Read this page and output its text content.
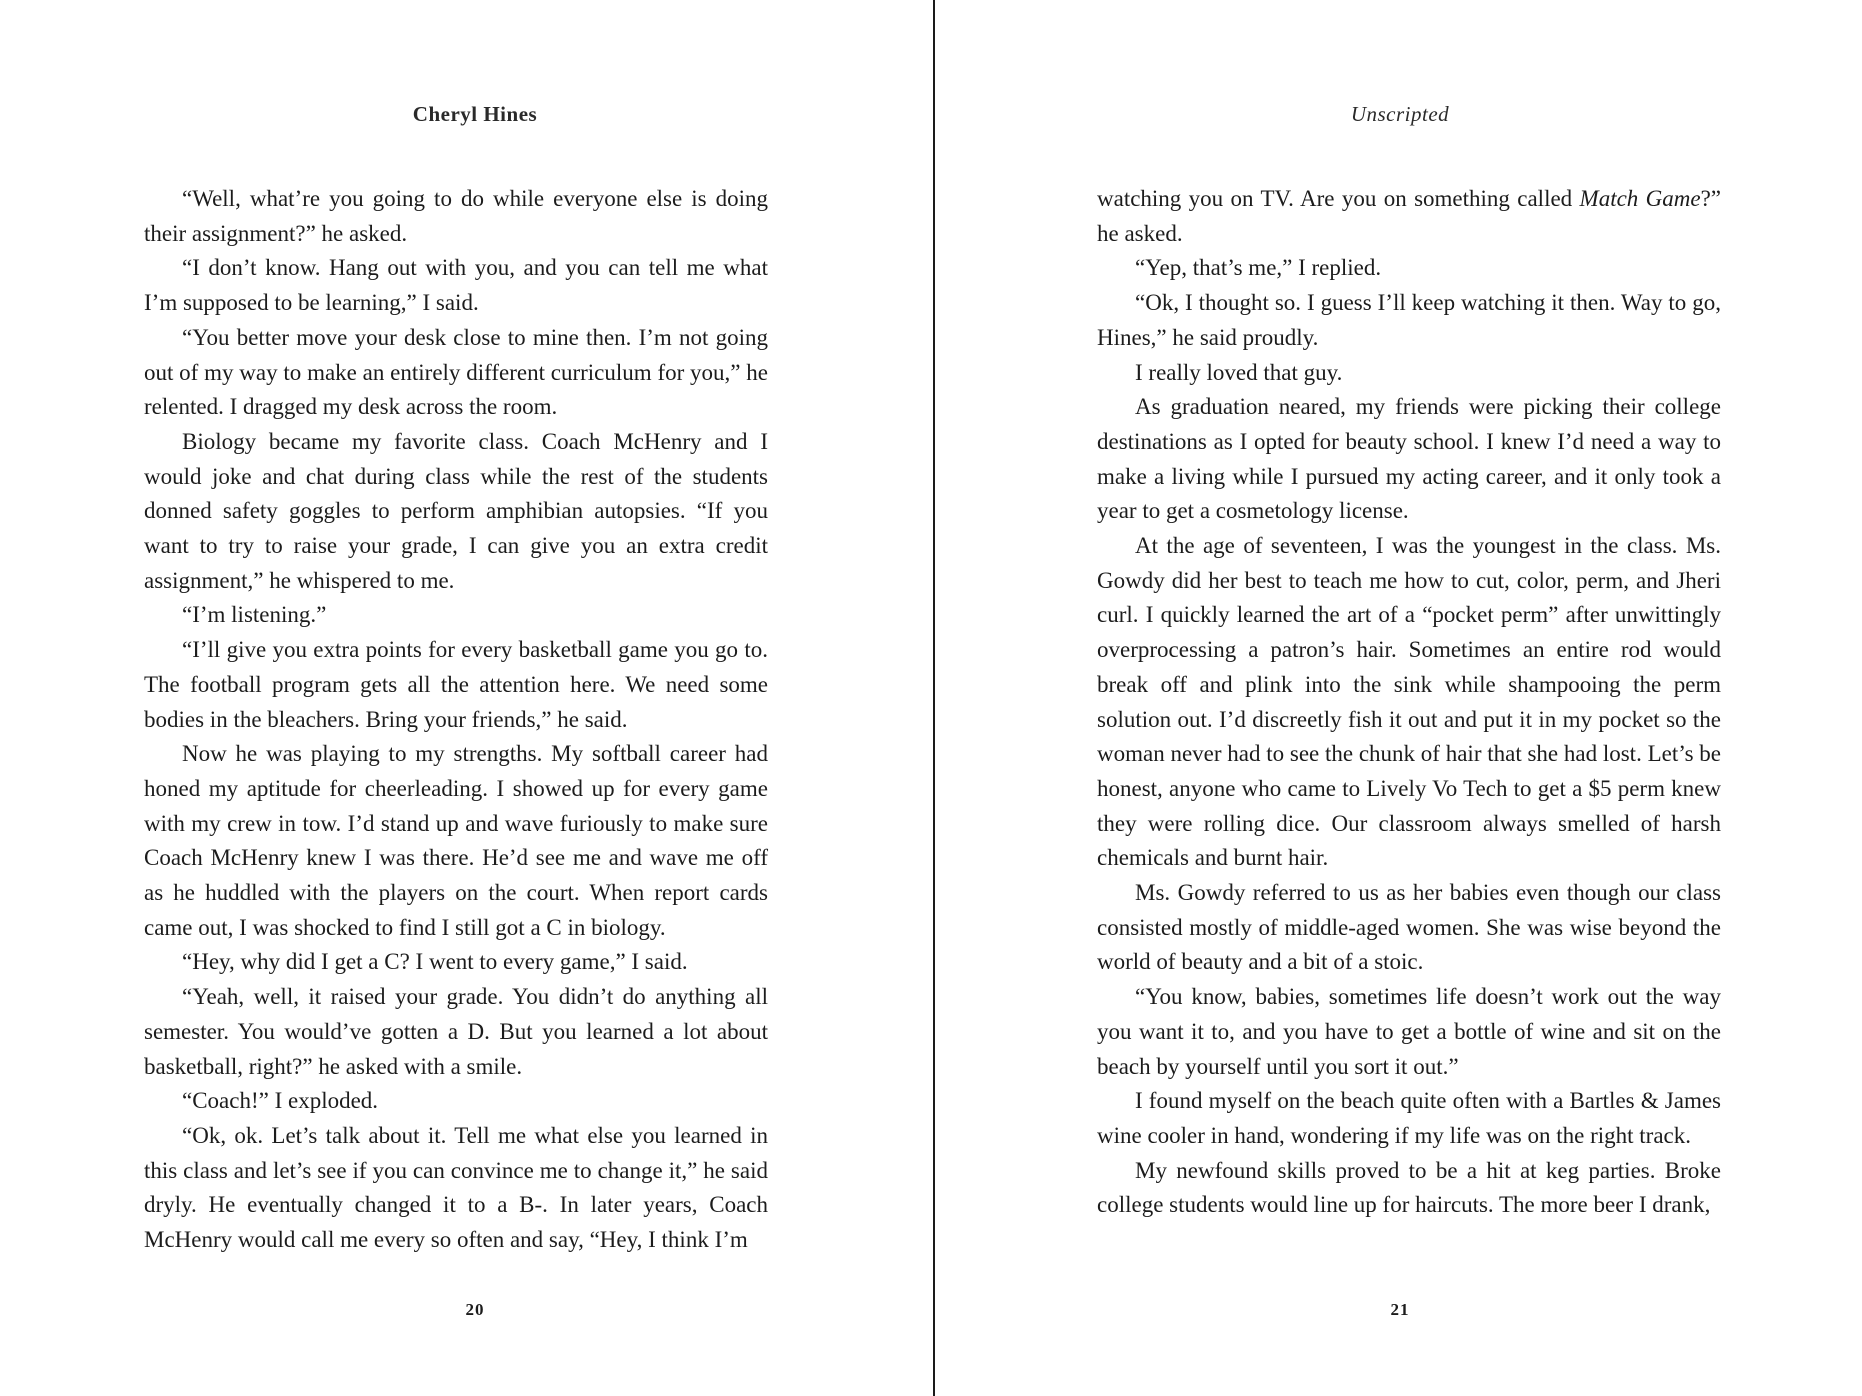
Cheryl Hines

“Well, what’re you going to do while everyone else is doing their assignment?” he asked.

“I don’t know. Hang out with you, and you can tell me what I’m supposed to be learning,” I said.

“You better move your desk close to mine then. I’m not going out of my way to make an entirely different curriculum for you,” he relented. I dragged my desk across the room.

Biology became my favorite class. Coach McHenry and I would joke and chat during class while the rest of the students donned safety goggles to perform amphibian autopsies. “If you want to try to raise your grade, I can give you an extra credit assignment,” he whispered to me.

“I’m listening.”

“I’ll give you extra points for every basketball game you go to. The football program gets all the attention here. We need some bodies in the bleachers. Bring your friends,” he said.

Now he was playing to my strengths. My softball career had honed my aptitude for cheerleading. I showed up for every game with my crew in tow. I’d stand up and wave furiously to make sure Coach McHenry knew I was there. He’d see me and wave me off as he huddled with the players on the court. When report cards came out, I was shocked to find I still got a C in biology.

“Hey, why did I get a C? I went to every game,” I said.

“Yeah, well, it raised your grade. You didn’t do anything all semester. You would’ve gotten a D. But you learned a lot about basketball, right?” he asked with a smile.

“Coach!” I exploded.

“Ok, ok. Let’s talk about it. Tell me what else you learned in this class and let’s see if you can convince me to change it,” he said dryly. He eventually changed it to a B-. In later years, Coach McHenry would call me every so often and say, “Hey, I think I’m

20
Unscripted

watching you on TV. Are you on something called Match Game?” he asked.

“Yep, that’s me,” I replied.

“Ok, I thought so. I guess I’ll keep watching it then. Way to go, Hines,” he said proudly.

I really loved that guy.

As graduation neared, my friends were picking their college destinations as I opted for beauty school. I knew I’d need a way to make a living while I pursued my acting career, and it only took a year to get a cosmetology license.

At the age of seventeen, I was the youngest in the class. Ms. Gowdy did her best to teach me how to cut, color, perm, and Jheri curl. I quickly learned the art of a “pocket perm” after unwittingly overprocessing a patron’s hair. Sometimes an entire rod would break off and plink into the sink while shampooing the perm solution out. I’d discreetly fish it out and put it in my pocket so the woman never had to see the chunk of hair that she had lost. Let’s be honest, anyone who came to Lively Vo Tech to get a $5 perm knew they were rolling dice. Our classroom always smelled of harsh chemicals and burnt hair.

Ms. Gowdy referred to us as her babies even though our class consisted mostly of middle-aged women. She was wise beyond the world of beauty and a bit of a stoic.

“You know, babies, sometimes life doesn’t work out the way you want it to, and you have to get a bottle of wine and sit on the beach by yourself until you sort it out.”

I found myself on the beach quite often with a Bartles & James wine cooler in hand, wondering if my life was on the right track.

My newfound skills proved to be a hit at keg parties. Broke college students would line up for haircuts. The more beer I drank,

21
